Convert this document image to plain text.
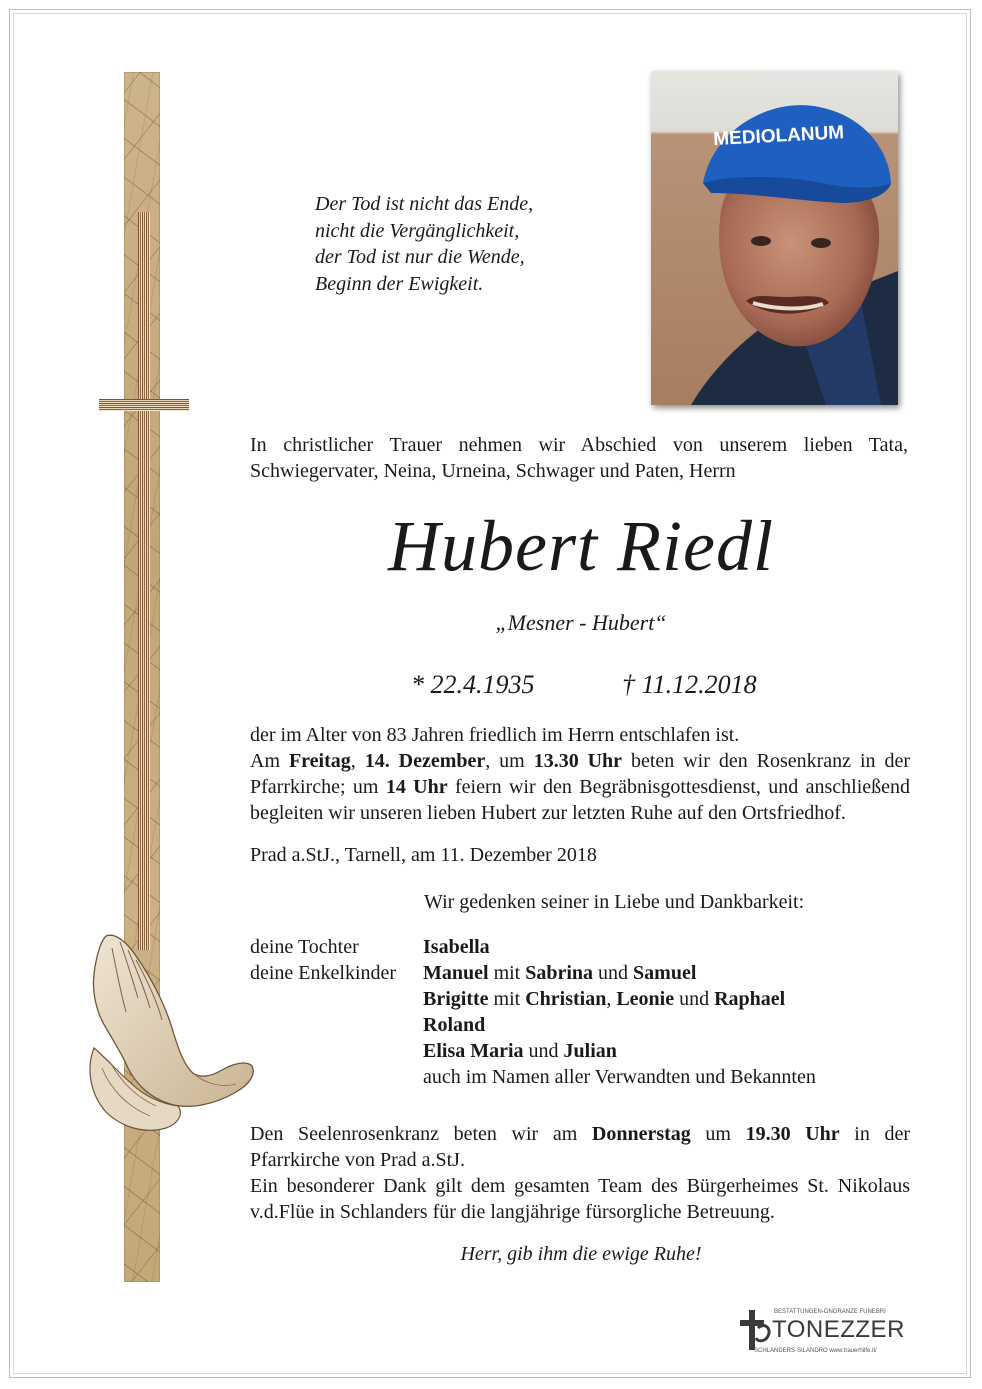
MEDIOLANUM
Der Tod ist nicht das Ende,
nicht die Vergänglichkeit,
der Tod ist nur die Wende,
Beginn der Ewigkeit.
In christlicher Trauer nehmen wir Abschied von unserem lieben Tata,
Schwiegervater, Neina, Urneina, Schwager und Paten, Herrn
Hubert Riedl
„Mesner - Hubert“
* 22.4.1935	† 11.12.2018
der im Alter von 83 Jahren friedlich im Herrn entschlafen ist.
Am Freitag, 14. Dezember, um 13.30 Uhr beten wir den Rosenkranz in der Pfarrkirche; um 14 Uhr feiern wir den Begräbnisgottesdienst, und anschließend begleiten wir unseren lieben Hubert zur letzten Ruhe auf den Ortsfriedhof.
Prad a.StJ., Tarnell, am 11. Dezember 2018
Wir gedenken seiner in Liebe und Dankbarkeit:
deine Tochter	Isabella
deine Enkelkinder Manuel mit Sabrina und Samuel
Brigitte mit Christian, Leonie und Raphael
Roland
Elisa Maria und Julian
auch im Namen aller Verwandten und Bekannten
Den Seelenrosenkranz beten wir am Donnerstag um 19.30 Uhr in der
Pfarrkirche von Prad a.StJ.
Ein besonderer Dank gilt dem gesamten Team des Bürgerheimes St. Nikolaus
v.d.Flüe in Schlanders für die langjährige fürsorgliche Betreuung.
Herr, gib ihm die ewige Ruhe!
BESTATTUNGEN-ONORANZE FUNEBRI
TONEZZER
SCHLANDERS-SILANDRO www.trauerhilfe.it/
